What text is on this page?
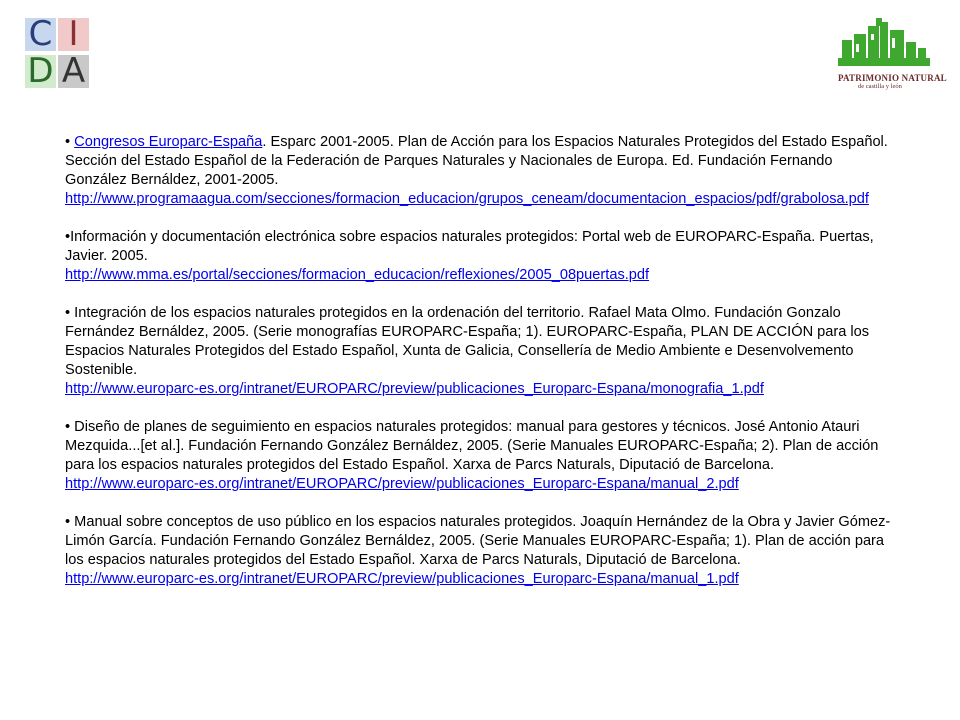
C I
D A	PATRIMONIO NATURAL
de castilla y león

• Congresos Europarc-España. Esparc 2001-2005. Plan de Acción para los Espacios Naturales Protegidos del Estado Español. Sección del Estado Español de la Federación de Parques Naturales y Nacionales de Europa. Ed. Fundación Fernando González Bernáldez, 2001-2005.

http://www.programaagua.com/secciones/formacion_educacion/grupos_ceneam/documentacion_espacios/pdf/grabolosa.pdf

•Información y documentación electrónica sobre espacios naturales protegidos: Portal web de EUROPARC-España. Puertas, Javier. 2005.

http://www.mma.es/portal/secciones/formacion_educacion/reflexiones/2005_08puertas.pdf

• Integración de los espacios naturales protegidos en la ordenación del territorio. Rafael Mata Olmo. Fundación Gonzalo Fernández Bernáldez, 2005. (Serie monografías EUROPARC-España; 1). EUROPARC-España, PLAN DE ACCIÓN para los Espacios Naturales Protegidos del Estado Español, Xunta de Galicia, Consellería de Medio Ambiente e Desenvolvemento Sostenible.

http://www.europarc-es.org/intranet/EUROPARC/preview/publicaciones_Europarc-Espana/monografia_1.pdf

• Diseño de planes de seguimiento en espacios naturales protegidos: manual para gestores y técnicos. José Antonio Atauri Mezquida...[et al.]. Fundación Fernando González Bernáldez, 2005. (Serie Manuales EUROPARC-España; 2). Plan de acción para los espacios naturales protegidos del Estado Español. Xarxa de Parcs Naturals, Diputació de Barcelona.

http://www.europarc-es.org/intranet/EUROPARC/preview/publicaciones_Europarc-Espana/manual_2.pdf

• Manual sobre conceptos de uso público en los espacios naturales protegidos. Joaquín Hernández de la Obra y Javier Gómez-Limón García. Fundación Fernando González Bernáldez, 2005. (Serie Manuales EUROPARC-España; 1). Plan de acción para los espacios naturales protegidos del Estado Español. Xarxa de Parcs Naturals, Diputació de Barcelona.

http://www.europarc-es.org/intranet/EUROPARC/preview/publicaciones_Europarc-Espana/manual_1.pdf
